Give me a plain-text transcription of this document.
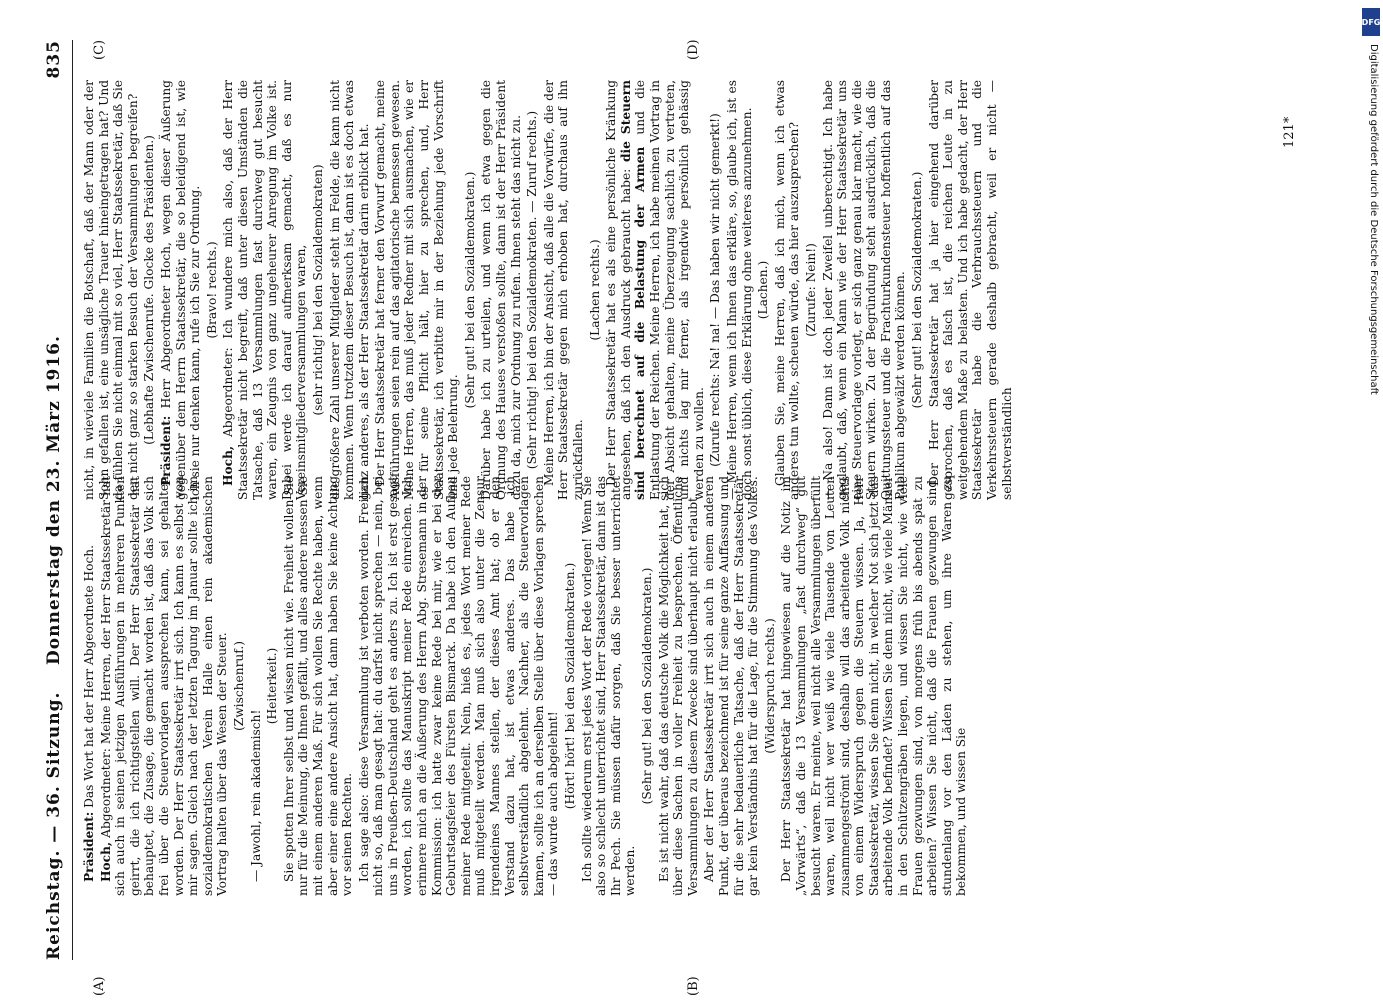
Reichstag. — 36. Sitzung.
Donnerstag den 23. März 1916.
835
(A)	(B)
(C)	(D)

Präsident: Das Wort hat der Herr Abgeordnete Hoch.

Hoch, Abgeordneter: Meine Herren, der Herr Staatssekretär hat sich auch in seinen jetzigen Ausführungen in mehreren Punkten geirrt, die ich richtigstellen will. Der Herr Staatssekretär hat behauptet, die Zusage, die gemacht worden ist, daß das Volk sich frei über die Steuervorlagen aussprechen kann, sei gehalten worden. Der Herr Staatssekretär irrt sich. Ich kann es selbst von mir sagen. Gleich nach der letzten Tagung im Januar sollte ich im sozialdemokratischen Verein Halle einen rein akademischen Vortrag halten über das Wesen der Steuer. (Zwischenruf.)

— Jawohl, rein akademisch!

(Heiterkeit.) Sie spotten Ihrer selbst und wissen nicht wie. Freiheit wollen Sie nur für die Meinung, die Ihnen gefällt, und alles andere messen Sie mit einem anderen Maß. Für sich wollen Sie Rechte haben, wenn aber einer eine andere Ansicht hat, dann haben Sie keine Achtung vor seinen Rechten. Ich sage also: diese Versammlung ist verboten worden. Freilich nicht so, daß man gesagt hat: du darfst nicht sprechen — nein, bei uns in Preußen-Deutschland geht es anders zu. Ich ist erst gesagt worden, ich sollte das Manuskript meiner Rede einreichen. Ich erinnere mich an die Äußerung des Herrn Abg. Stresemann in der Kommission: ich hatte zwar keine Rede bei mir, wie er bei der Geburtstagsfeier des Fürsten Bismarck. Da habe ich den Aufbau meiner Rede mitgeteilt. Nein, hieß es, jedes Wort meiner Rede muß mitgeteilt werden. Man muß sich also unter die Zensur irgendeines Mannes stellen, der dieses Amt hat; ob er den Verstand dazu hat, ist etwas anderes. Das habe ich selbstverständlich abgelehnt. Nachher, als die Steuervorlagen kamen, sollte ich an derselben Stelle über diese Vorlagen sprechen — das wurde auch abgelehnt! (Hört! hört! bei den Sozialdemokraten.) Ich sollte wiederum erst jedes Wort der Rede vorlegen! Wenn Sie also so schlecht unterrichtet sind, Herr Staatssekretär, dann ist das Ihr Pech. Sie müssen dafür sorgen, daß Sie besser unterrichtet werden.

(Sehr gut! bei den Sozialdemokraten.) Es ist nicht wahr, daß das deutsche Volk die Möglichkeit hat, sich über diese Sachen in voller Freiheit zu besprechen. Öffentliche Versammlungen zu diesem Zwecke sind überhaupt nicht erlaubt. Aber der Herr Staatssekretär irrt sich auch in einem anderen Punkt, der überaus bezeichnend ist für seine ganze Auffassung und für die sehr bedauerliche Tatsache, daß der Herr Staatssekretär gar kein Verständnis hat für die Lage, für die Stimmung des Volkes. (Widerspruch rechts.) Der Herr Staatssekretär hat hingewiesen auf die Notiz im „Vorwärts“, daß die 13 Versammlungen „fast durchweg“ gut besucht waren. Er meinte, weil nicht alle Versammlungen überfüllt waren, weil nicht wer weiß wie viele Tausende von Leuten zusammengeströmt sind, deshalb will das arbeitende Volk nichts von einem Widerspruch gegen die Steuern wissen. Ja, Herr Staatssekretär, wissen Sie denn nicht, in welcher Not sich jetzt das arbeitende Volk befindet? Wissen Sie denn nicht, wie viele Männer in den Schützengräben liegen, und wissen Sie nicht, wie viele Frauen gezwungen sind, von morgens früh bis abends spät zu arbeiten? Wissen Sie nicht, daß die Frauen gezwungen sind, stundenlang vor den Läden zu stehen, um ihre Waren zu bekommen, und wissen Sie

nicht, in wieviele Familien die Botschaft, daß der Mann oder der Sohn gefallen ist, eine unsägliche Trauer hineingetragen hat? Und da fühlen Sie nicht einmal mit so viel, Herr Staatssekretär, daß Sie den nicht ganz so starken Besuch der Versammlungen begreifen? (Lebhafte Zwischenrufe. Glocke des Präsidenten.)

Präsident: Herr Abgeordneter Hoch, wegen dieser Äußerung gegenüber dem Herrn Staatssekretär, die so beleidigend ist, wie ich sie nur denken kann, rufe ich Sie zur Ordnung. (Bravo! rechts.)

Hoch, Abgeordneter: Ich wundere mich also, daß der Herr Staatssekretär nicht begreift, daß unter diesen Umständen die Tatsache, daß 13 Versammlungen fast durchweg gut besucht waren, ein Zeugnis von ganz ungeheurer Anregung im Volke ist. Dabei werde ich darauf aufmerksam gemacht, daß es nur Vereinsmitgliederversammlungen waren, (sehr richtig! bei den Sozialdemokraten) die größere Zahl unserer Mitglieder steht im Felde, die kann nicht kommen. Wenn trotzdem dieser Besuch ist, dann ist es doch etwas ganz anderes, als der Herr Staatssekretär darin erblickt hat. Der Herr Staatssekretär hat ferner den Vorwurf gemacht, meine Ausführungen seien rein auf das agitatorische bemessen gewesen. Meine Herren, das muß jeder Redner mit sich ausmachen, wie er es für seine Pflicht hält, hier zu sprechen, und, Herr Staatssekretär, ich verbitte mir in der Beziehung jede Vorschrift und jede Belehrung.

(Sehr gut! bei den Sozialdemokraten.) Darüber habe ich zu urteilen, und wenn ich etwa gegen die Ordnung des Hauses verstoßen sollte, dann ist der Herr Präsident dazu da, mich zur Ordnung zu rufen. Ihnen steht das nicht zu. (Sehr richtig! bei den Sozialdemokraten. — Zuruf rechts.) Meine Herren, ich bin der Ansicht, daß alle die Vorwürfe, die der Herr Staatssekretär gegen mich erhoben hat, durchaus auf ihn zurückfallen.

(Lachen rechts.) Der Herr Staatssekretär hat es als eine persönliche Kränkung angesehen, daß ich den Ausdruck gebraucht habe: die Steuern sind berechnet auf die Belastung der Armen und die Entlastung der Reichen. Meine Herren, ich habe meinen Vortrag in der Absicht gehalten, meine Überzeugung sachlich zu vertreten, und nichts lag mir ferner, als irgendwie persönlich gehässig werden zu wollen. (Zurufe rechts: Na! na! — Das haben wir nicht gemerkt!) — Meine Herren, wenn ich Ihnen das erkläre, so, glaube ich, ist es doch sonst üblich, diese Erklärung ohne weiteres anzunehmen. (Lachen.) Glauben Sie, meine Herren, daß ich mich, wenn ich etwas anderes tun wollte, scheuen würde, das hier auszusprechen? (Zurufe: Nein!) — Na also! Dann ist doch jeder Zweifel unberechtigt. Ich habe geglaubt, daß, wenn ein Mann wie der Herr Staatssekretär uns eine Steuervorlage vorlegt, er sich ganz genau klar macht, wie die Steuern wirken. Zu der Begründung steht ausdrücklich, daß die Quittungssteuer und die Frachturkundensteuer hoffentlich auf das Publikum abgewälzt werden können. (Sehr gut! bei den Sozialdemokraten.) Der Herr Staatssekretär hat ja hier eingehend darüber gesprochen, daß es falsch ist, die reichen Leute in zu weitgehendem Maße zu belasten. Und ich habe gedacht, der Herr Staatssekretär habe die Verbrauchssteuern und die Verkehrssteuern gerade deshalb gebracht, weil er nicht — selbstverständlich

121*
DFG
Digitalisierung gefördert durch die Deutsche Forschungsgemeinschaft
